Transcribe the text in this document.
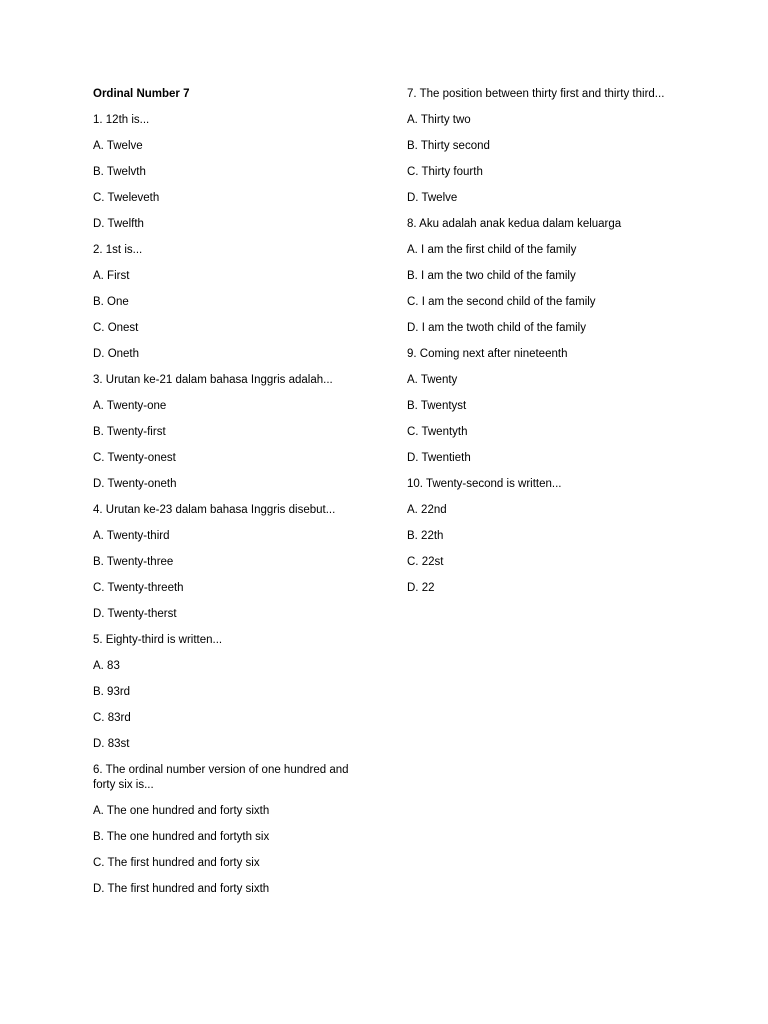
Ordinal Number 7
1. 12th is...
A. Twelve
B. Twelvth
C. Tweleveth
D. Twelfth
2. 1st is...
A. First
B. One
C. Onest
D. Oneth
3. Urutan ke-21 dalam bahasa Inggris adalah...
A. Twenty-one
B. Twenty-first
C. Twenty-onest
D. Twenty-oneth
4. Urutan ke-23 dalam bahasa Inggris disebut...
A. Twenty-third
B. Twenty-three
C. Twenty-threeth
D. Twenty-therst
5. Eighty-third is written...
A. 83
B. 93rd
C. 83rd
D. 83st
6. The ordinal number version of one hundred and forty six is...
A. The one hundred and forty sixth
B. The one hundred and fortyth six
C. The first hundred and forty six
D. The first hundred and forty sixth
7. The position between thirty first and thirty third...
A. Thirty two
B. Thirty second
C. Thirty fourth
D. Twelve
8. Aku adalah anak kedua dalam keluarga
A. I am the first child of the family
B. I am the two child of the family
C. I am the second child of the family
D. I am the twoth child of the family
9. Coming next after nineteenth
A. Twenty
B. Twentyst
C. Twentyth
D. Twentieth
10. Twenty-second is written...
A. 22nd
B. 22th
C. 22st
D. 22
